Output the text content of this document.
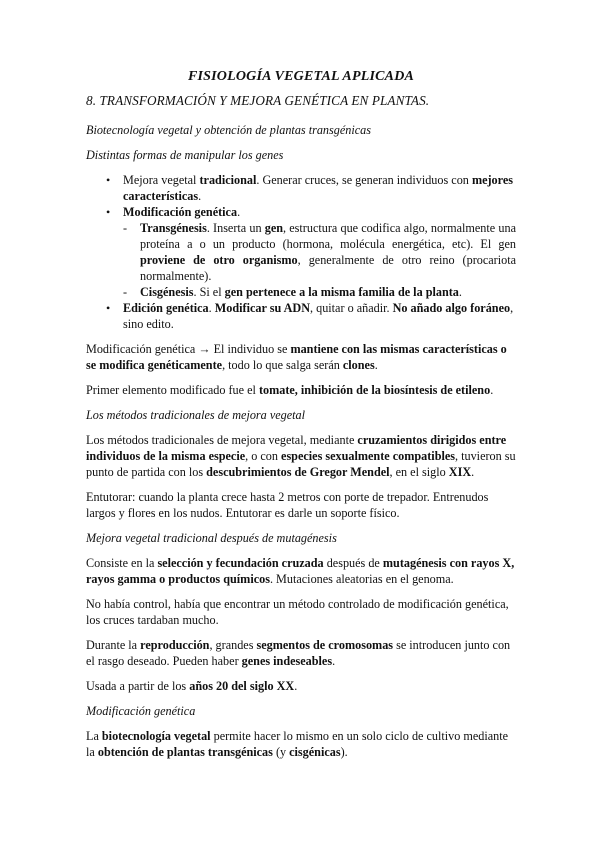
FISIOLOGÍA VEGETAL APLICADA
8. TRANSFORMACIÓN Y MEJORA GENÉTICA EN PLANTAS.
Biotecnología vegetal y obtención de plantas transgénicas
Distintas formas de manipular los genes
• Mejora vegetal tradicional. Generar cruces, se generan individuos con mejores características.
• Modificación genética.
- Transgénesis. Inserta un gen, estructura que codifica algo, normalmente una proteína a o un producto (hormona, molécula energética, etc). El gen proviene de otro organismo, generalmente de otro reino (procariota normalmente).
- Cisgénesis. Si el gen pertenece a la misma familia de la planta.
• Edición genética. Modificar su ADN, quitar o añadir. No añado algo foráneo, sino edito.

Modificación genética → El individuo se mantiene con las mismas características o se modifica genéticamente, todo lo que salga serán clones.

Primer elemento modificado fue el tomate, inhibición de la biosíntesis de etileno.

Los métodos tradicionales de mejora vegetal

Los métodos tradicionales de mejora vegetal, mediante cruzamientos dirigidos entre individuos de la misma especie, o con especies sexualmente compatibles, tuvieron su punto de partida con los descubrimientos de Gregor Mendel, en el siglo XIX.

Entutorar: cuando la planta crece hasta 2 metros con porte de trepador. Entrenudos largos y flores en los nudos. Entutorar es darle un soporte físico.

Mejora vegetal tradicional después de mutagénesis

Consiste en la selección y fecundación cruzada después de mutagénesis con rayos X, rayos gamma o productos químicos. Mutaciones aleatorias en el genoma.

No había control, había que encontrar un método controlado de modificación genética, los cruces tardaban mucho.

Durante la reproducción, grandes segmentos de cromosomas se introducen junto con el rasgo deseado. Pueden haber genes indeseables.

Usada a partir de los años 20 del siglo XX.

Modificación genética

La biotecnología vegetal permite hacer lo mismo en un solo ciclo de cultivo mediante la obtención de plantas transgénicas (y cisgénicas).
